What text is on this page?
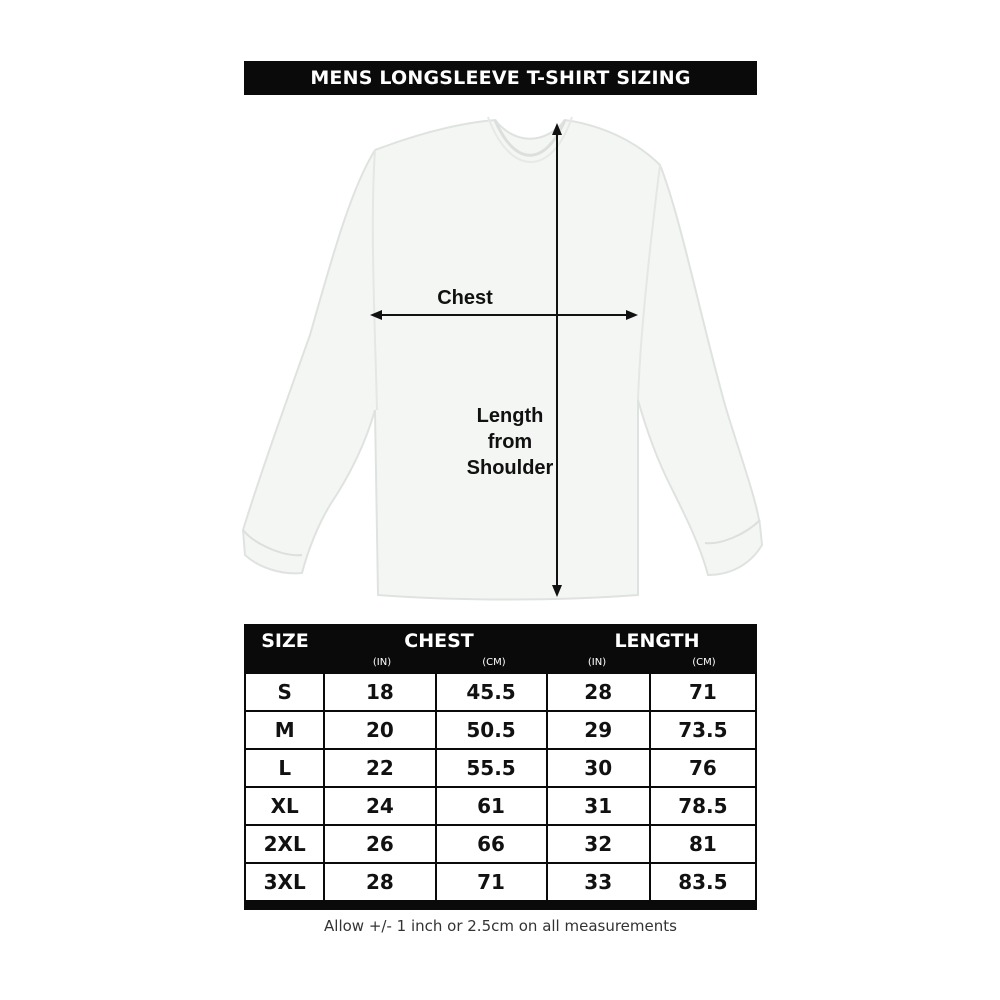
MENS LONGSLEEVE T-SHIRT SIZING
Chest
Length
from
Shoulder
SIZE	CHEST	LENGTH
(IN)	(CM)	(IN)	(CM)
S	18	45.5	28	71
M	20	50.5	29	73.5
L	22	55.5	30	76
XL	24	61	31	78.5
2XL	26	66	32	81
3XL	28	71	33	83.5
Allow +/- 1 inch or 2.5cm on all measurements
